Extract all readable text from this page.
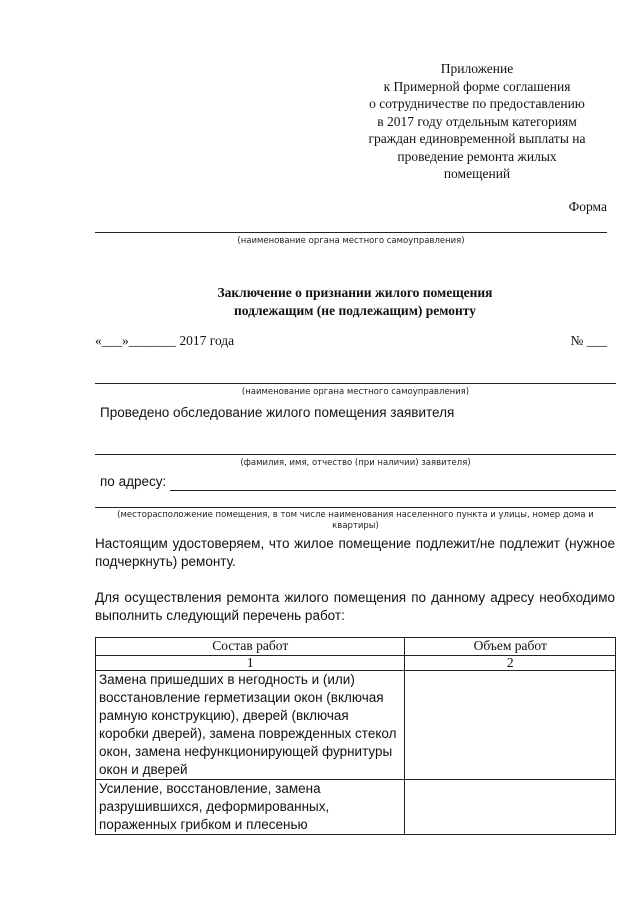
Приложение
к Примерной форме соглашения
о сотрудничестве по предоставлению
в 2017 году отдельным категориям
граждан единовременной выплаты на
проведение ремонта жилых
помещений
Форма
(наименование органа местного самоуправления)
Заключение о признании жилого помещения
подлежащим (не подлежащим) ремонту
«___»_______ 2017 года	№ ___
(наименование органа местного самоуправления)
Проведено обследование жилого помещения заявителя
(фамилия, имя, отчество (при наличии) заявителя)
по адресу:
(месторасположение помещения, в том числе наименования населенного пункта и улицы, номер дома и
квартиры)
Настоящим удостоверяем, что жилое помещение подлежит/не подлежит (нужное подчеркнуть) ремонту.
Для осуществления ремонта жилого помещения по данному адресу необходимо выполнить следующий перечень работ:
Состав работ	Объем работ
1	2
Замена пришедших в негодность и (или) восстановление герметизации окон (включая рамную конструкцию), дверей (включая коробки дверей), замена поврежденных стекол окон, замена нефункционирующей фурнитуры окон и дверей	
Усиление, восстановление, замена разрушившихся, деформированных, пораженных грибком и плесенью	
